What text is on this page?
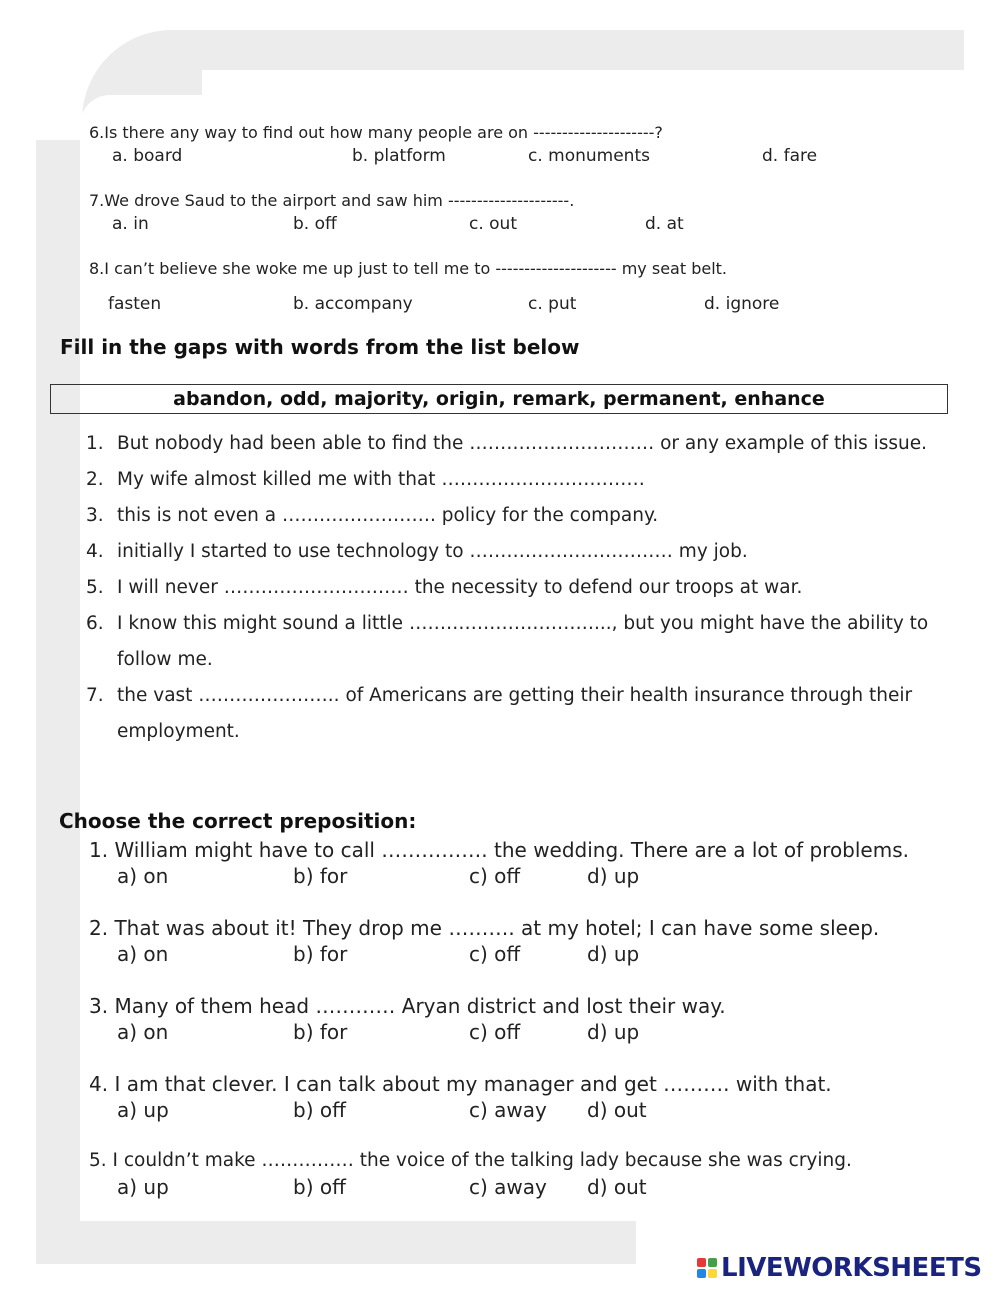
6.Is there any way to find out how many people are on ---------------------?
a. board	b. platform	c. monuments	d. fare
7.We drove Saud to the airport and saw him ---------------------.
a. in	b. off	c. out	d. at
8.I can’t believe she woke me up just to tell me to --------------------- my seat belt.
fasten	b. accompany	c. put	d. ignore
Fill in the gaps with words from the list below
abandon, odd, majority, origin, remark, permanent, enhance
1. But nobody had been able to find the ………………………… or any example of this issue.
2. My wife almost killed me with that ……………………………
3. this is not even a ……………………. policy for the company.
4. initially I started to use technology to …………………………… my job.
5. I will never ………………………… the necessity to defend our troops at war.
6. I know this might sound a little …………………………..., but you might have the ability to follow me.
7. the vast ………………….. of Americans are getting their health insurance through their employment.
Choose the correct preposition:
1. William might have to call ……………. the wedding. There are a lot of problems.
a) on	b) for	c) off	d) up
2. That was about it! They drop me ………. at my hotel; I can have some sleep.
a) on	b) for	c) off	d) up
3. Many of them head ………… Aryan district and lost their way.
a) on	b) for	c) off	d) up
4. I am that clever. I can talk about my manager and get ………. with that.
a) up	b) off	c) away d) out
5. I couldn’t make …………… the voice of the talking lady because she was crying.
a) up	b) off	c) away d) out
LIVEWORKSHEETS
